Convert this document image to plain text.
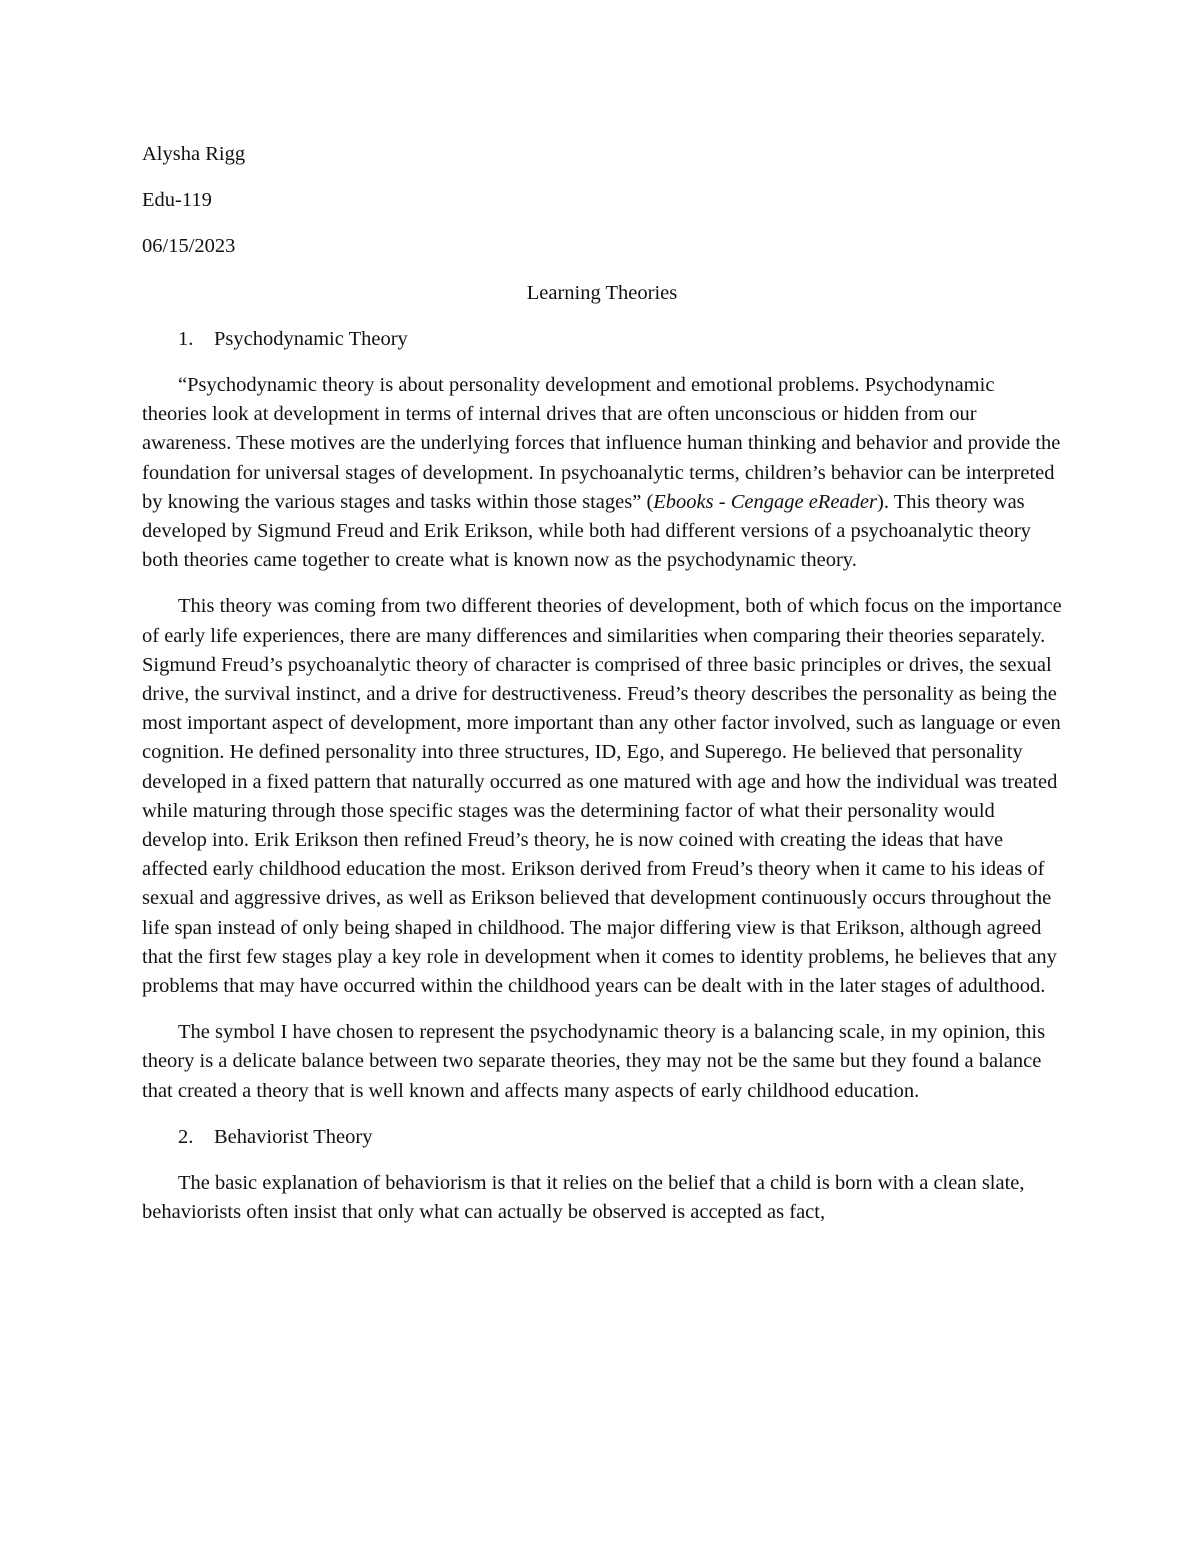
Alysha Rigg

Edu-119

06/15/2023

Learning Theories

1.	Psychodynamic Theory

“Psychodynamic theory is about personality development and emotional problems. Psychodynamic theories look at development in terms of internal drives that are often unconscious or hidden from our awareness. These motives are the underlying forces that influence human thinking and behavior and provide the foundation for universal stages of development. In psychoanalytic terms, children’s behavior can be interpreted by knowing the various stages and tasks within those stages” (Ebooks - Cengage eReader). This theory was developed by Sigmund Freud and Erik Erikson, while both had different versions of a psychoanalytic theory both theories came together to create what is known now as the psychodynamic theory.

This theory was coming from two different theories of development, both of which focus on the importance of early life experiences, there are many differences and similarities when comparing their theories separately. Sigmund Freud’s psychoanalytic theory of character is comprised of three basic principles or drives, the sexual drive, the survival instinct, and a drive for destructiveness. Freud’s theory describes the personality as being the most important aspect of development, more important than any other factor involved, such as language or even cognition. He defined personality into three structures, ID, Ego, and Superego. He believed that personality developed in a fixed pattern that naturally occurred as one matured with age and how the individual was treated while maturing through those specific stages was the determining factor of what their personality would develop into. Erik Erikson then refined Freud’s theory, he is now coined with creating the ideas that have affected early childhood education the most. Erikson derived from Freud’s theory when it came to his ideas of sexual and aggressive drives, as well as Erikson believed that development continuously occurs throughout the life span instead of only being shaped in childhood. The major differing view is that Erikson, although agreed that the first few stages play a key role in development when it comes to identity problems, he believes that any problems that may have occurred within the childhood years can be dealt with in the later stages of adulthood.

The symbol I have chosen to represent the psychodynamic theory is a balancing scale, in my opinion, this theory is a delicate balance between two separate theories, they may not be the same but they found a balance that created a theory that is well known and affects many aspects of early childhood education.

2.	Behaviorist Theory

The basic explanation of behaviorism is that it relies on the belief that a child is born with a clean slate, behaviorists often insist that only what can actually be observed is accepted as fact,
